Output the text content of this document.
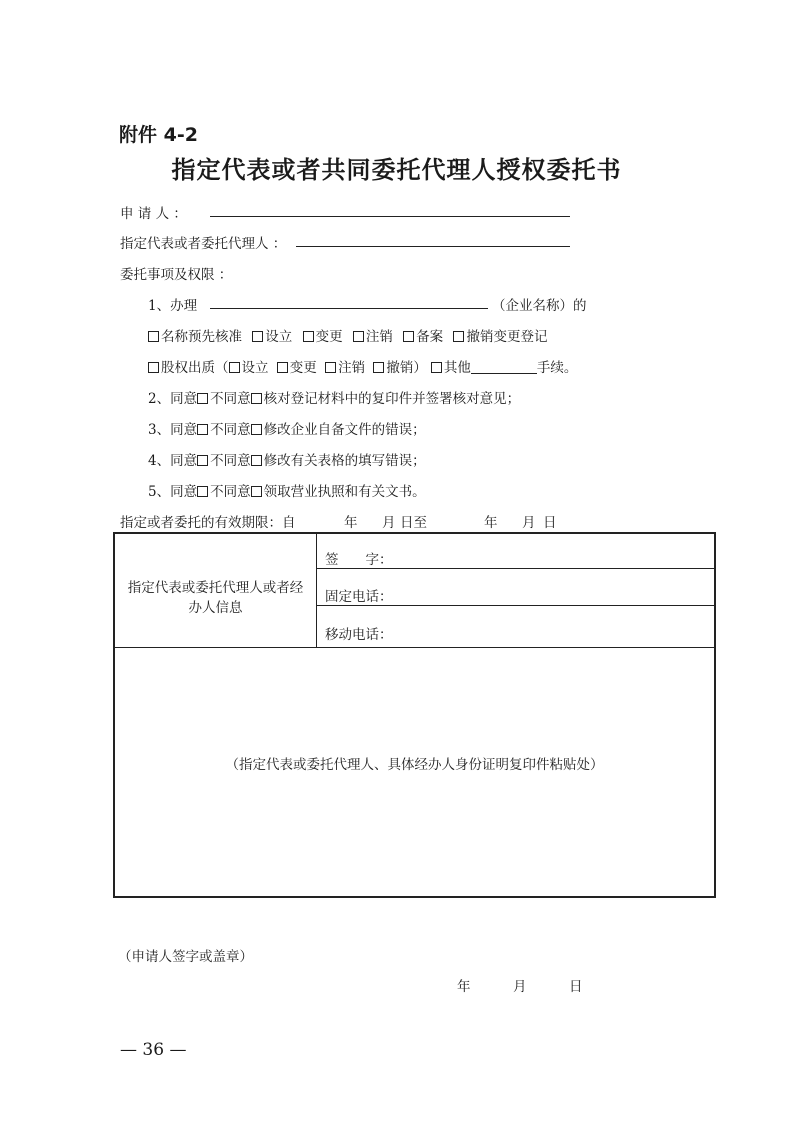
附件 4-2
指定代表或者共同委托代理人授权委托书
申 请 人 ：
指定代表或者委托代理人 ：
委托事项及权限 ：
1、办理	（企业名称）的
名称预先核准 设立 变更 注销 备案 撤销变更登记
股权出质（ 设立 变更 注销 撤销） 其他	手续。
2、同意 不同意 核对登记材料中的复印件并签署核对意见；
3、同意 不同意 修改企业自备文件的错误；
4、同意 不同意 修改有关表格的填写错误；
5、同意 不同意 领取营业执照和有关文书。
指定或者委托的有效期限：自	年 月 日至	年 月 日
指定代表或委托代理人或者经
办人信息
签　　字：
固定电话：
移动电话：
（指定代表或委托代理人、具体经办人身份证明复印件粘贴处）
（申请人签字或盖章）
年	月	日
— 36 —
